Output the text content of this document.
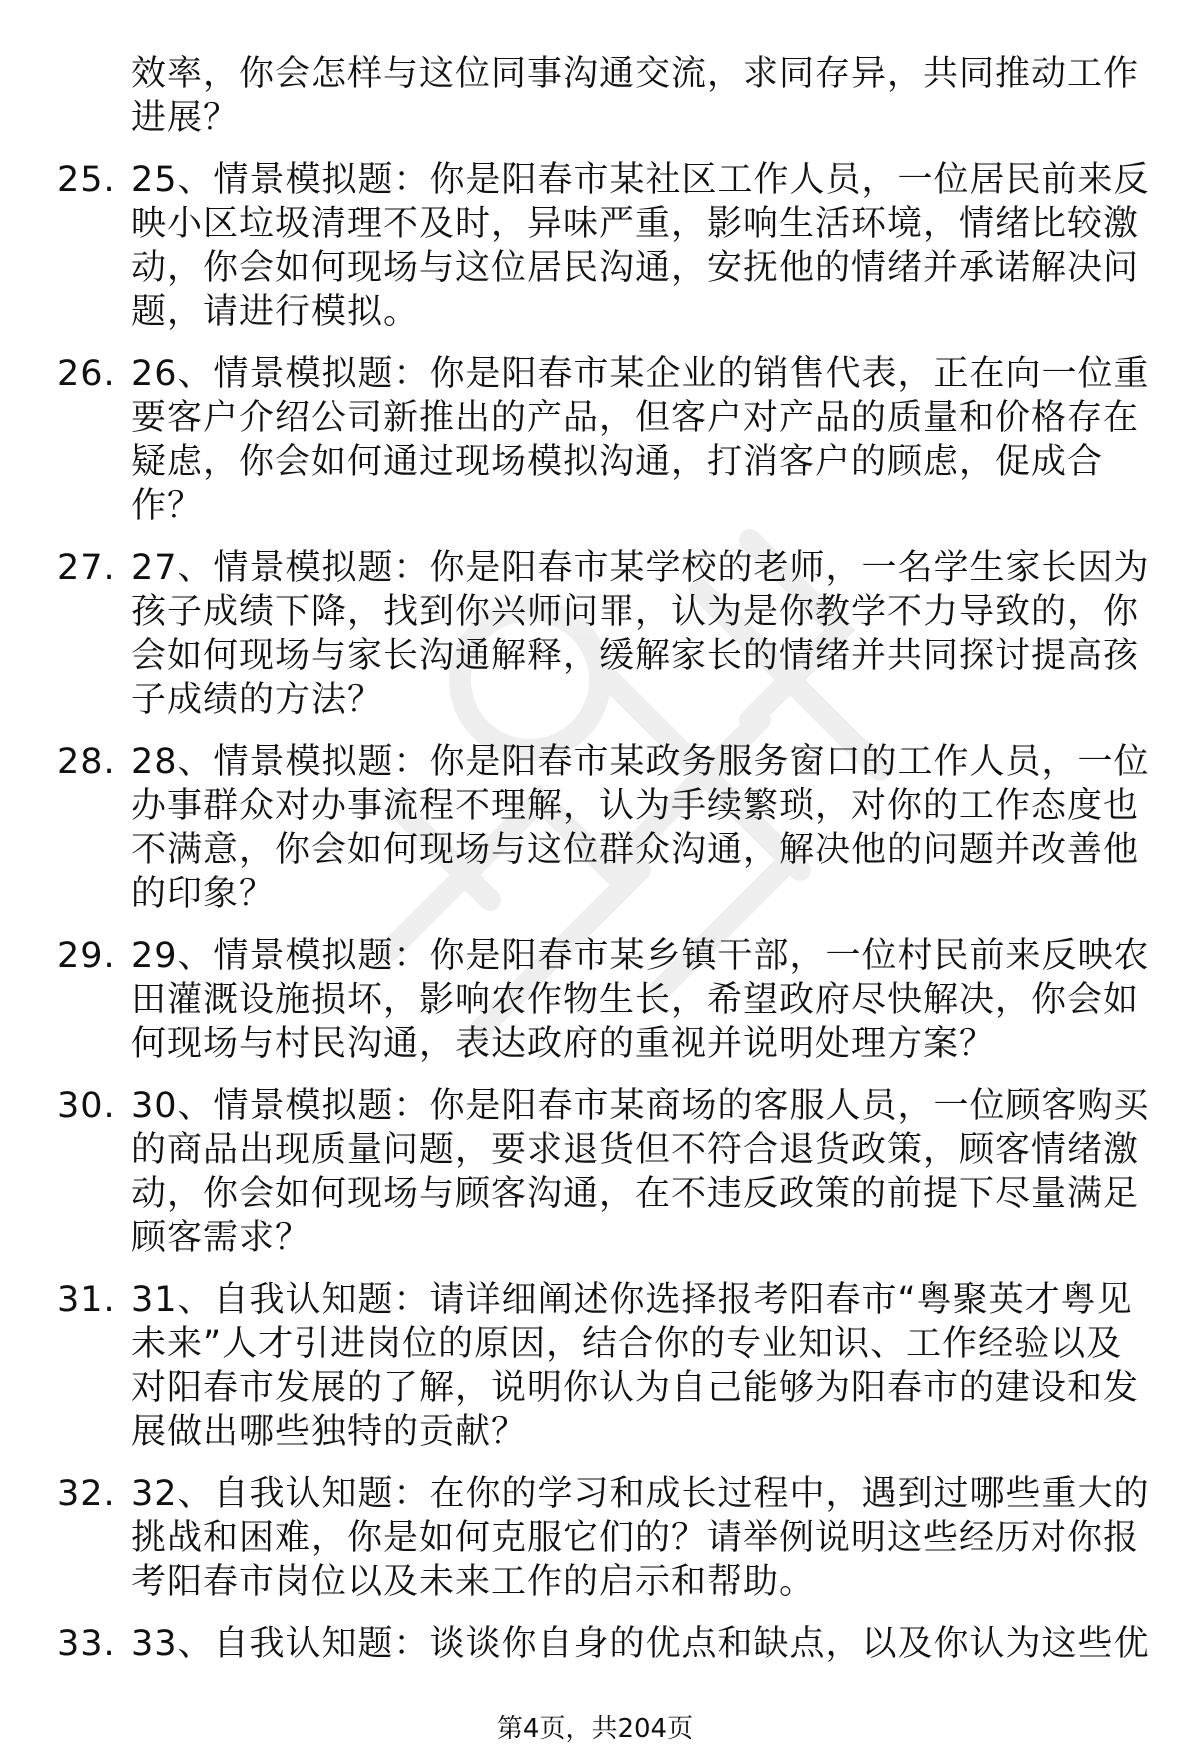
效率，你会怎样与这位同事沟通交流，求同存异，共同推动工作进展？
25. 25、情景模拟题：你是阳春市某社区工作人员，一位居民前来反映小区垃圾清理不及时，异味严重，影响生活环境，情绪比较激动，你会如何现场与这位居民沟通，安抚他的情绪并承诺解决问题，请进行模拟。
26. 26、情景模拟题：你是阳春市某企业的销售代表，正在向一位重要客户介绍公司新推出的产品，但客户对产品的质量和价格存在疑虑，你会如何通过现场模拟沟通，打消客户的顾虑，促成合作？
27. 27、情景模拟题：你是阳春市某学校的老师，一名学生家长因为孩子成绩下降，找到你兴师问罪，认为是你教学不力导致的，你会如何现场与家长沟通解释，缓解家长的情绪并共同探讨提高孩子成绩的方法？
28. 28、情景模拟题：你是阳春市某政务服务窗口的工作人员，一位办事群众对办事流程不理解，认为手续繁琐，对你的工作态度也不满意，你会如何现场与这位群众沟通，解决他的问题并改善他的印象？
29. 29、情景模拟题：你是阳春市某乡镇干部，一位村民前来反映农田灌溉设施损坏，影响农作物生长，希望政府尽快解决，你会如何现场与村民沟通，表达政府的重视并说明处理方案？
30. 30、情景模拟题：你是阳春市某商场的客服人员，一位顾客购买的商品出现质量问题，要求退货但不符合退货政策，顾客情绪激动，你会如何现场与顾客沟通，在不违反政策的前提下尽量满足顾客需求？
31. 31、自我认知题：请详细阐述你选择报考阳春市“粤聚英才粤见未来”人才引进岗位的原因，结合你的专业知识、工作经验以及对阳春市发展的了解，说明你认为自己能够为阳春市的建设和发展做出哪些独特的贡献？
32. 32、自我认知题：在你的学习和成长过程中，遇到过哪些重大的挑战和困难，你是如何克服它们的？请举例说明这些经历对你报考阳春市岗位以及未来工作的启示和帮助。
33. 33、自我认知题：谈谈你自身的优点和缺点，以及你认为这些优
第4页，共204页
